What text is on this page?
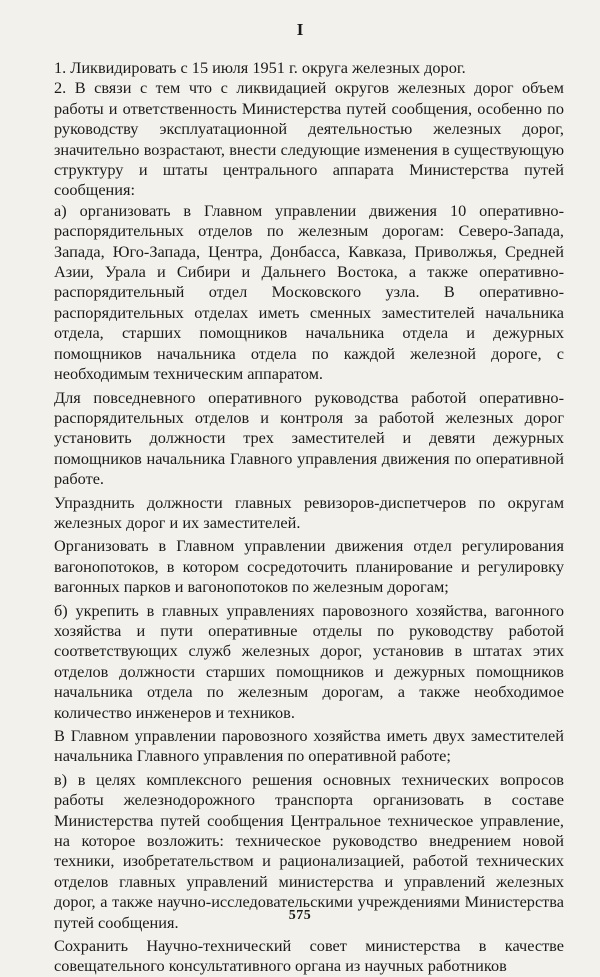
I

1. Ликвидировать с 15 июля 1951 г. округа железных дорог.

2. В связи с тем что с ликвидацией округов железных дорог объем работы и ответственность Министерства путей сообщения, особенно по руководству эксплуатационной деятельностью железных дорог, значительно возрастают, внести следующие изменения в существующую структуру и штаты центрального аппарата Министерства путей сообщения:

а) организовать в Главном управлении движения 10 оперативно-распорядительных отделов по железным дорогам: Северо-Запада, Запада, Юго-Запада, Центра, Донбасса, Кавказа, Приволжья, Средней Азии, Урала и Сибири и Дальнего Востока, а также оперативно-распорядительный отдел Московского узла. В оперативно-распорядительных отделах иметь сменных заместителей начальника отдела, старших помощников начальника отдела и дежурных помощников начальника отдела по каждой железной дороге, с необходимым техническим аппаратом.

Для повседневного оперативного руководства работой оперативно-распорядительных отделов и контроля за работой железных дорог установить должности трех заместителей и девяти дежурных помощников начальника Главного управления движения по оперативной работе.

Упразднить должности главных ревизоров-диспетчеров по округам железных дорог и их заместителей.

Организовать в Главном управлении движения отдел регулирования вагонопотоков, в котором сосредоточить планирование и регулировку вагонных парков и вагонопотоков по железным дорогам;

б) укрепить в главных управлениях паровозного хозяйства, вагонного хозяйства и пути оперативные отделы по руководству работой соответствующих служб железных дорог, установив в штатах этих отделов должности старших помощников и дежурных помощников начальника отдела по железным дорогам, а также необходимое количество инженеров и техников.

В Главном управлении паровозного хозяйства иметь двух заместителей начальника Главного управления по оперативной работе;

в) в целях комплексного решения основных технических вопросов работы железнодорожного транспорта организовать в составе Министерства путей сообщения Центральное техническое управление, на которое возложить: техническое руководство внедрением новой техники, изобретательством и рационализацией, работой технических отделов главных управлений министерства и управлений железных дорог, а также научно-исследовательскими учреждениями Министерства путей сообщения.

Сохранить Научно-технический совет министерства в качестве совещательного консультативного органа из научных работников

575
